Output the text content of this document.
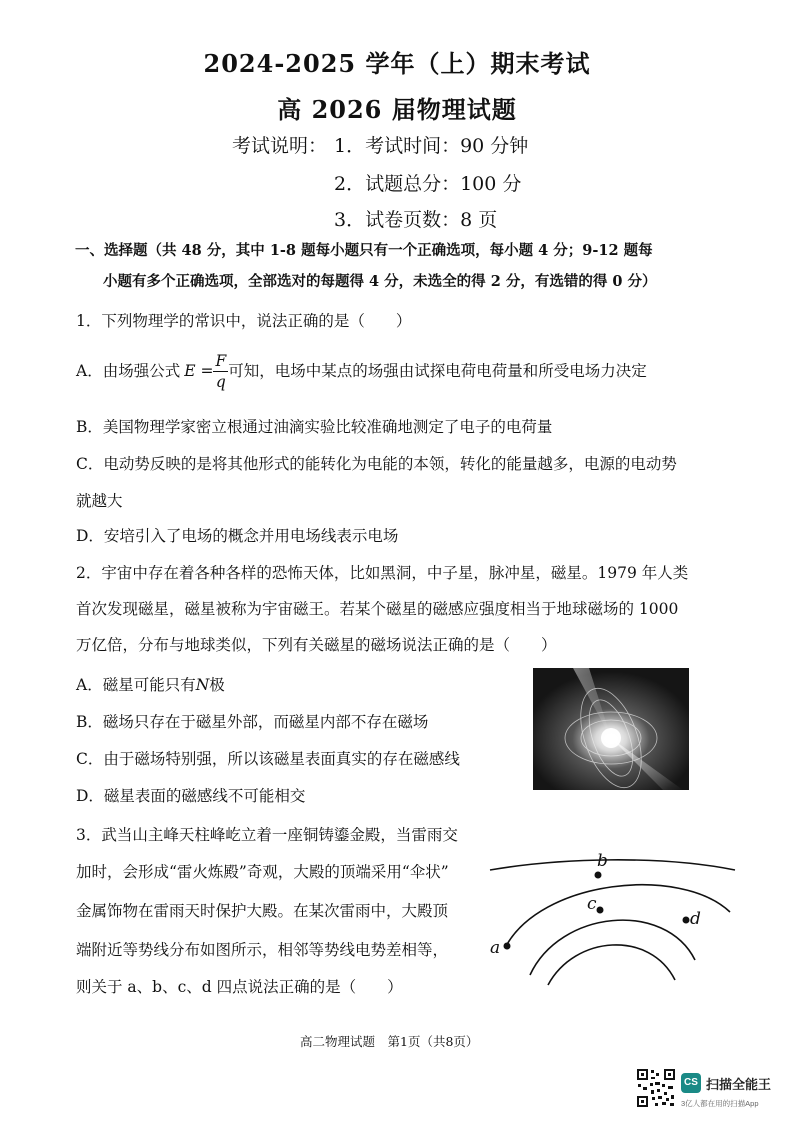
2024-2025 学年（上）期末考试
高 2026 届物理试题
考试说明： 1．考试时间：90 分钟
2．试题总分：100 分
3．试卷页数：8 页
一、选择题（共 48 分，其中 1-8 题每小题只有一个正确选项，每小题 4 分；9-12 题每
小题有多个正确选项，全部选对的每题得 4 分，未选全的得 2 分，有选错的得 0 分）
1．下列物理学的常识中，说法正确的是（　　）
A．由场强公式 $E = \frac{F}{q}$ 可知，电场中某点的场强由试探电荷电荷量和所受电场力决定
B．美国物理学家密立根通过油滴实验比较准确地测定了电子的电荷量
C．电动势反映的是将其他形式的能转化为电能的本领，转化的能量越多，电源的电动势
就越大
D．安培引入了电场的概念并用电场线表示电场
2．宇宙中存在着各种各样的恐怖天体，比如黑洞，中子星，脉冲星，磁星。1979 年人类
首次发现磁星，磁星被称为宇宙磁王。若某个磁星的磁感应强度相当于地球磁场的 1000
万亿倍，分布与地球类似，下列有关磁星的磁场说法正确的是（　　）
A．磁星可能只有N极
B．磁场只存在于磁星外部，而磁星内部不存在磁场
C．由于磁场特别强，所以该磁星表面真实的存在磁感线
D．磁星表面的磁感线不可能相交
3．武当山主峰天柱峰屹立着一座铜铸鎏金殿，当雷雨交
加时，会形成“雷火炼殿”奇观，大殿的顶端采用“伞状”
金属饰物在雷雨天时保护大殿。在某次雷雨中，大殿顶
端附近等势线分布如图所示，相邻等势线电势差相等，
则关于 a、b、c、d 四点说法正确的是（　　）
a
b
c
d
高二物理试题　第1页（共8页）
CS 扫描全能王
3亿人都在用的扫描App
